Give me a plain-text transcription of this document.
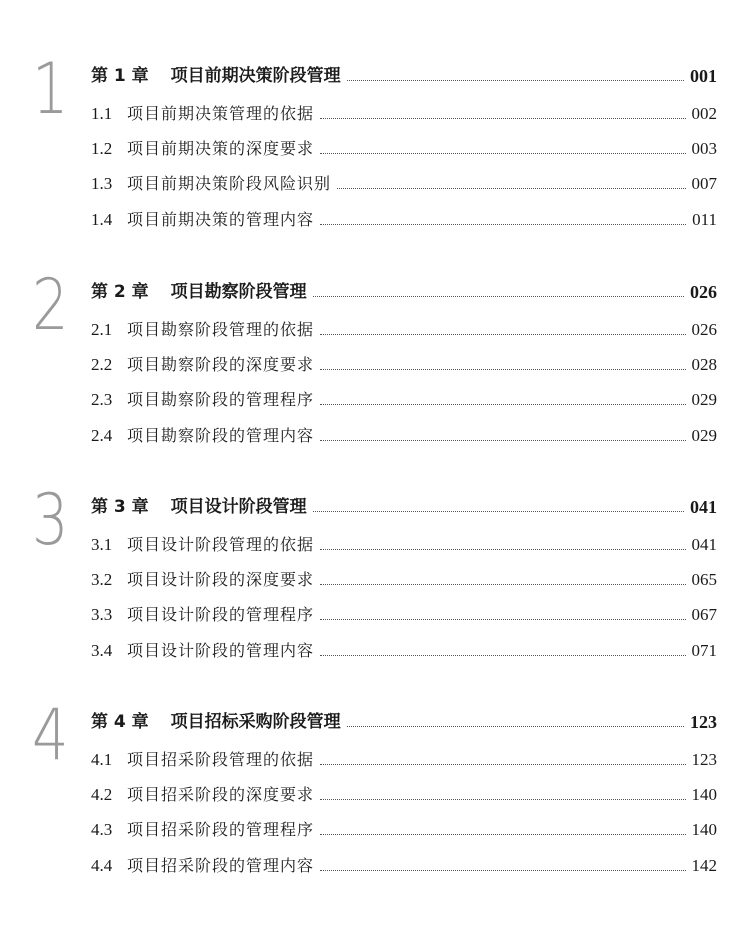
1 第 1 章 项目前期决策阶段管理	001
1.1 项目前期决策管理的依据	002
1.2 项目前期决策的深度要求	003
1.3 项目前期决策阶段风险识别	007
1.4 项目前期决策的管理内容	011
2 第 2 章 项目勘察阶段管理	026
2.1 项目勘察阶段管理的依据	026
2.2 项目勘察阶段的深度要求	028
2.3 项目勘察阶段的管理程序	029
2.4 项目勘察阶段的管理内容	029
3 第 3 章 项目设计阶段管理	041
3.1 项目设计阶段管理的依据	041
3.2 项目设计阶段的深度要求	065
3.3 项目设计阶段的管理程序	067
3.4 项目设计阶段的管理内容	071
4 第 4 章 项目招标采购阶段管理	123
4.1 项目招采阶段管理的依据	123
4.2 项目招采阶段的深度要求	140
4.3 项目招采阶段的管理程序	140
4.4 项目招采阶段的管理内容	142
